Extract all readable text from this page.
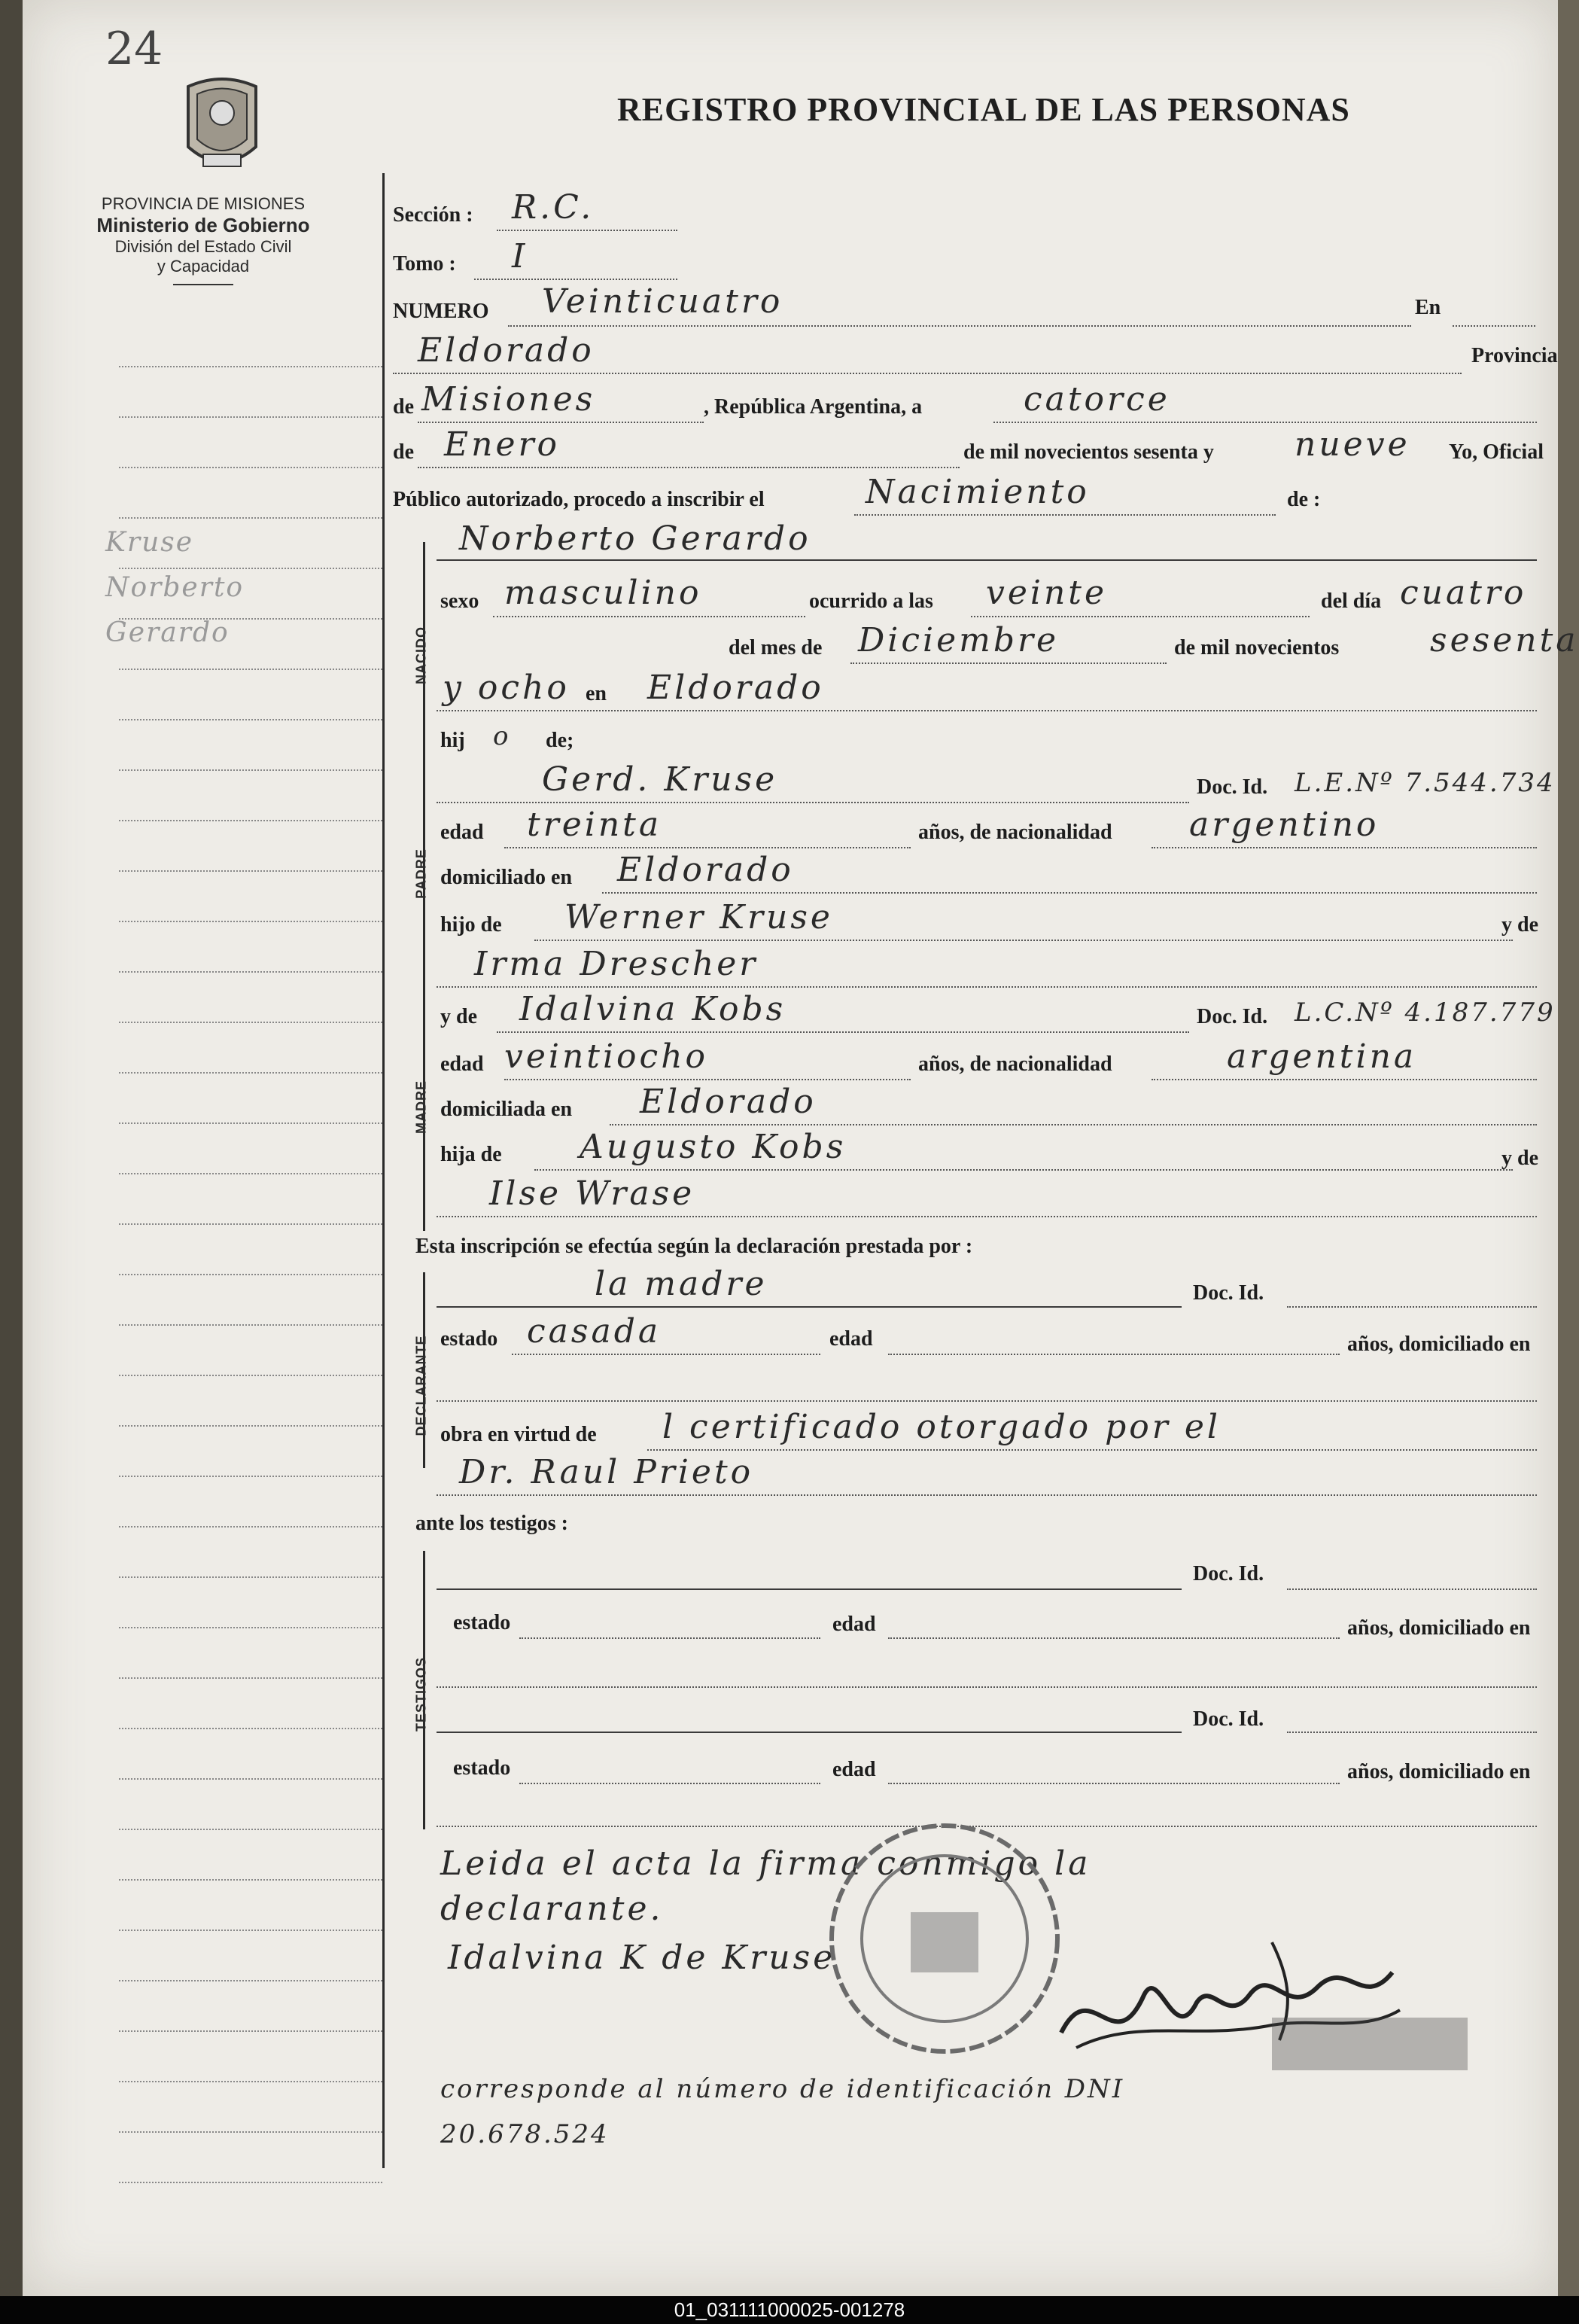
24
REGISTRO PROVINCIAL DE LAS PERSONAS
PROVINCIA DE MISIONES
Ministerio de Gobierno
División del Estado Civil
y Capacidad
Kruse
Norberto
Gerardo
Sección : R.C.
Tomo : I
NUMERO Veinticuatro	En
Eldorado	Provincia
de Misiones	, República Argentina, a	catorce
de Enero	de mil novecientos sesenta y nueve Yo, Oficial
Público autorizado, procedo a inscribir el	Nacimiento	de :
NACIDO
Norberto Gerardo
sexo masculino	ocurrido a las veinte	del día cuatro
del mes de Diciembre	de mil novecientos	sesenta
y ocho en Eldorado
hij o de;
PADRE
Gerd. Kruse	Doc. Id. L.E.Nº 7.544.734
edad treinta	años, de nacionalidad argentino
domiciliado en Eldorado
hijo de Werner Kruse	y de
Irma Drescher
MADRE
y de Idalvina Kobs	Doc. Id. L.C.Nº 4.187.779
edad veintiocho	años, de nacionalidad	argentina
domiciliada en Eldorado
hija de Augusto Kobs	y de
Ilse Wrase
Esta inscripción se efectúa según la declaración prestada por :
DECLARANTE
la madre	Doc. Id.
estado casada	edad	años, domiciliado en
obra en virtud de l certificado otorgado por el
Dr. Raul Prieto
ante los testigos :
TESTIGOS
Doc. Id.
estado	edad	años, domiciliado en
Doc. Id.
estado	edad	años, domiciliado en
Leida el acta la firma conmigo la
declarante.
Idalvina K de Kruse
corresponde al número de identificación DNI
20.678.524
01_031111000025-001278
